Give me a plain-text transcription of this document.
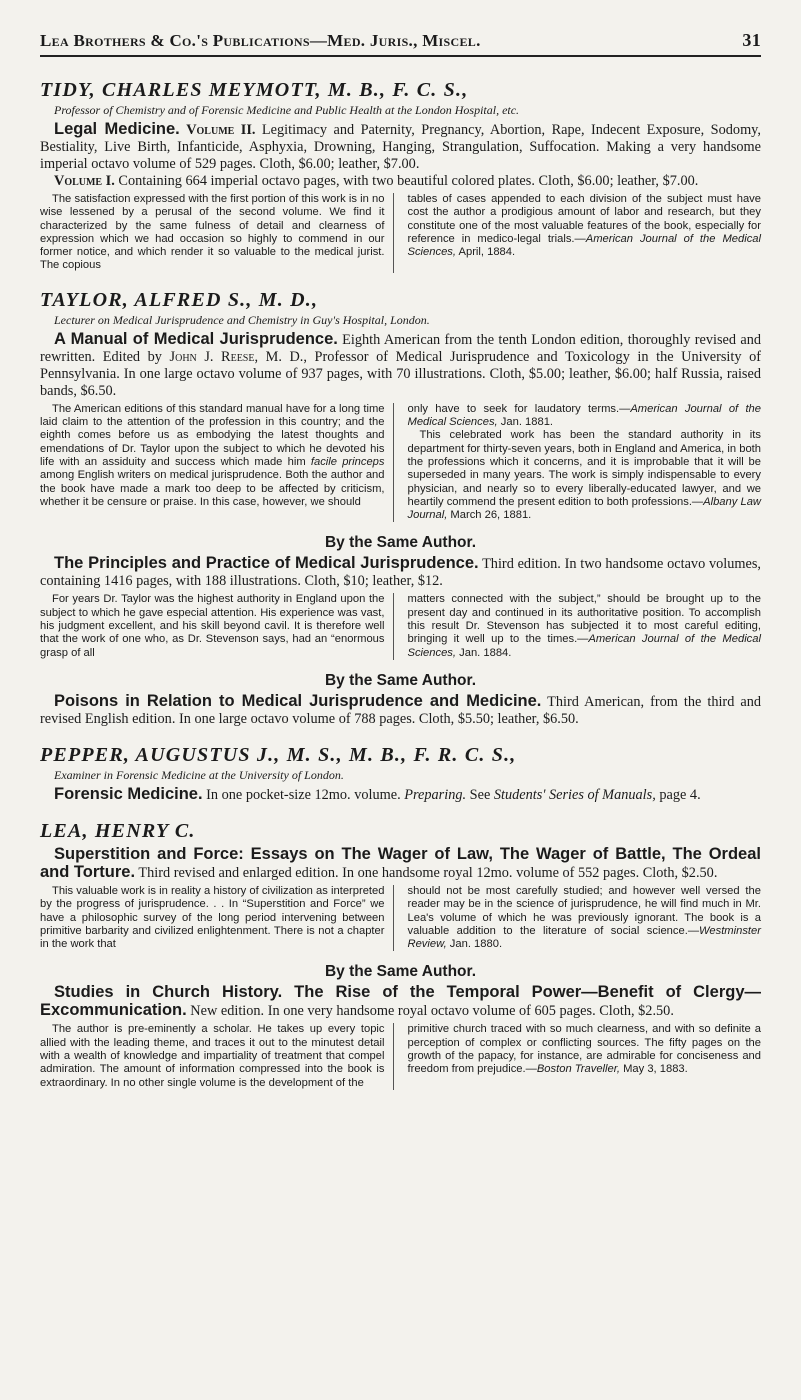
Lea Brothers & Co.'s Publications—Med. Juris., Miscel.	31
TIDY, CHARLES MEYMOTT, M. B., F. C. S.,
Professor of Chemistry and of Forensic Medicine and Public Health at the London Hospital, etc.

Legal Medicine. Volume II. Legitimacy and Paternity, Pregnancy, Abortion, Rape, Indecent Exposure, Sodomy, Bestiality, Live Birth, Infanticide, Asphyxia, Drowning, Hanging, Strangulation, Suffocation. Making a very handsome imperial octavo volume of 529 pages. Cloth, $6.00; leather, $7.00.

Volume I. Containing 664 imperial octavo pages, with two beautiful colored plates. Cloth, $6.00; leather, $7.00.

The satisfaction expressed with the first portion of this work is in no wise lessened by a perusal of the second volume. We find it characterized by the same fulness of detail and clearness of expression which we had occasion so highly to commend in our former notice, and which render it so valuable to the medical jurist. The copious

tables of cases appended to each division of the subject must have cost the author a prodigious amount of labor and research, but they constitute one of the most valuable features of the book, especially for reference in medico-legal trials.—American Journal of the Medical Sciences, April, 1884.

TAYLOR, ALFRED S., M. D.,
Lecturer on Medical Jurisprudence and Chemistry in Guy's Hospital, London.

A Manual of Medical Jurisprudence. Eighth American from the tenth London edition, thoroughly revised and rewritten. Edited by John J. Reese, M. D., Professor of Medical Jurisprudence and Toxicology in the University of Pennsylvania. In one large octavo volume of 937 pages, with 70 illustrations. Cloth, $5.00; leather, $6.00; half Russia, raised bands, $6.50.

The American editions of this standard manual have for a long time laid claim to the attention of the profession in this country; and the eighth comes before us as embodying the latest thoughts and emendations of Dr. Taylor upon the subject to which he devoted his life with an assiduity and success which made him facile princeps among English writers on medical jurisprudence. Both the author and the book have made a mark too deep to be affected by criticism, whether it be censure or praise. In this case, however, we should

only have to seek for laudatory terms.—American Journal of the Medical Sciences, Jan. 1881.

This celebrated work has been the standard authority in its department for thirty-seven years, both in England and America, in both the professions which it concerns, and it is improbable that it will be superseded in many years. The work is simply indispensable to every physician, and nearly so to every liberally-educated lawyer, and we heartily commend the present edition to both professions.—Albany Law Journal, March 26, 1881.

By the Same Author.

The Principles and Practice of Medical Jurisprudence. Third edition. In two handsome octavo volumes, containing 1416 pages, with 188 illustrations. Cloth, $10; leather, $12.

For years Dr. Taylor was the highest authority in England upon the subject to which he gave especial attention. His experience was vast, his judgment excellent, and his skill beyond cavil. It is therefore well that the work of one who, as Dr. Stevenson says, had an “enormous grasp of all

matters connected with the subject,” should be brought up to the present day and continued in its authoritative position. To accomplish this result Dr. Stevenson has subjected it to most careful editing, bringing it well up to the times.—American Journal of the Medical Sciences, Jan. 1884.

By the Same Author.

Poisons in Relation to Medical Jurisprudence and Medicine. Third American, from the third and revised English edition. In one large octavo volume of 788 pages. Cloth, $5.50; leather, $6.50.

PEPPER, AUGUSTUS J., M. S., M. B., F. R. C. S.,
Examiner in Forensic Medicine at the University of London.

Forensic Medicine. In one pocket-size 12mo. volume. Preparing. See Students' Series of Manuals, page 4.

LEA, HENRY C.

Superstition and Force: Essays on The Wager of Law, The Wager of Battle, The Ordeal and Torture. Third revised and enlarged edition. In one handsome royal 12mo. volume of 552 pages. Cloth, $2.50.

This valuable work is in reality a history of civilization as interpreted by the progress of jurisprudence. . . In “Superstition and Force” we have a philosophic survey of the long period intervening between primitive barbarity and civilized enlightenment. There is not a chapter in the work that

should not be most carefully studied; and however well versed the reader may be in the science of jurisprudence, he will find much in Mr. Lea's volume of which he was previously ignorant. The book is a valuable addition to the literature of social science.—Westminster Review, Jan. 1880.

By the Same Author.

Studies in Church History. The Rise of the Temporal Power—Benefit of Clergy—Excommunication. New edition. In one very handsome royal octavo volume of 605 pages. Cloth, $2.50.

The author is pre-eminently a scholar. He takes up every topic allied with the leading theme, and traces it out to the minutest detail with a wealth of knowledge and impartiality of treatment that compel admiration. The amount of information compressed into the book is extraordinary. In no other single volume is the development of the

primitive church traced with so much clearness, and with so definite a perception of complex or conflicting sources. The fifty pages on the growth of the papacy, for instance, are admirable for conciseness and freedom from prejudice.—Boston Traveller, May 3, 1883.
